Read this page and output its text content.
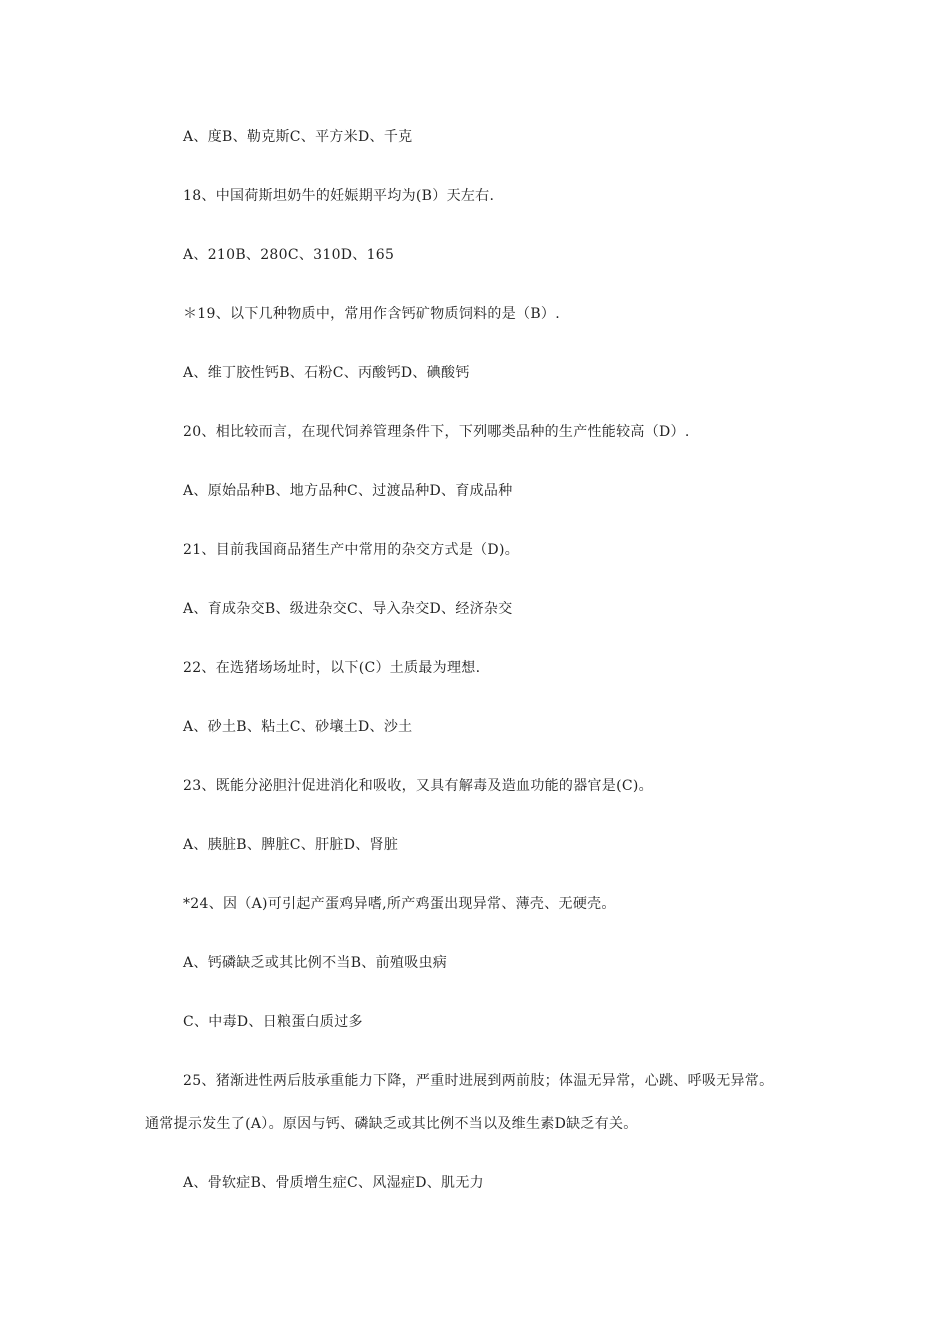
A、度B、勒克斯C、平方米D、千克
18、中国荷斯坦奶牛的妊娠期平均为(B）天左右.
A、210B、280C、310D、165
＊19、以下几种物质中，常用作含钙矿物质饲料的是（B）.
A、维丁胶性钙B、石粉C、丙酸钙D、碘酸钙
20、相比较而言，在现代饲养管理条件下，下列哪类品种的生产性能较高（D）.
A、原始品种B、地方品种C、过渡品种D、育成品种
21、目前我国商品猪生产中常用的杂交方式是（D)。
A、育成杂交B、级进杂交C、导入杂交D、经济杂交
22、在选猪场场址时，以下(C）土质最为理想.
A、砂土B、粘土C、砂壤土D、沙土
23、既能分泌胆汁促进消化和吸收，又具有解毒及造血功能的器官是(C)。
A、胰脏B、脾脏C、肝脏D、肾脏
*24、因（A)可引起产蛋鸡异嗜,所产鸡蛋出现异常、薄壳、无硬壳。
A、钙磷缺乏或其比例不当B、前殖吸虫病
C、中毒D、日粮蛋白质过多
25、猪渐进性两后肢承重能力下降，严重时进展到两前肢；体温无异常，心跳、呼吸无异常。
通常提示发生了(A）。原因与钙、磷缺乏或其比例不当以及维生素D缺乏有关。
A、骨软症B、骨质增生症C、风湿症D、肌无力
